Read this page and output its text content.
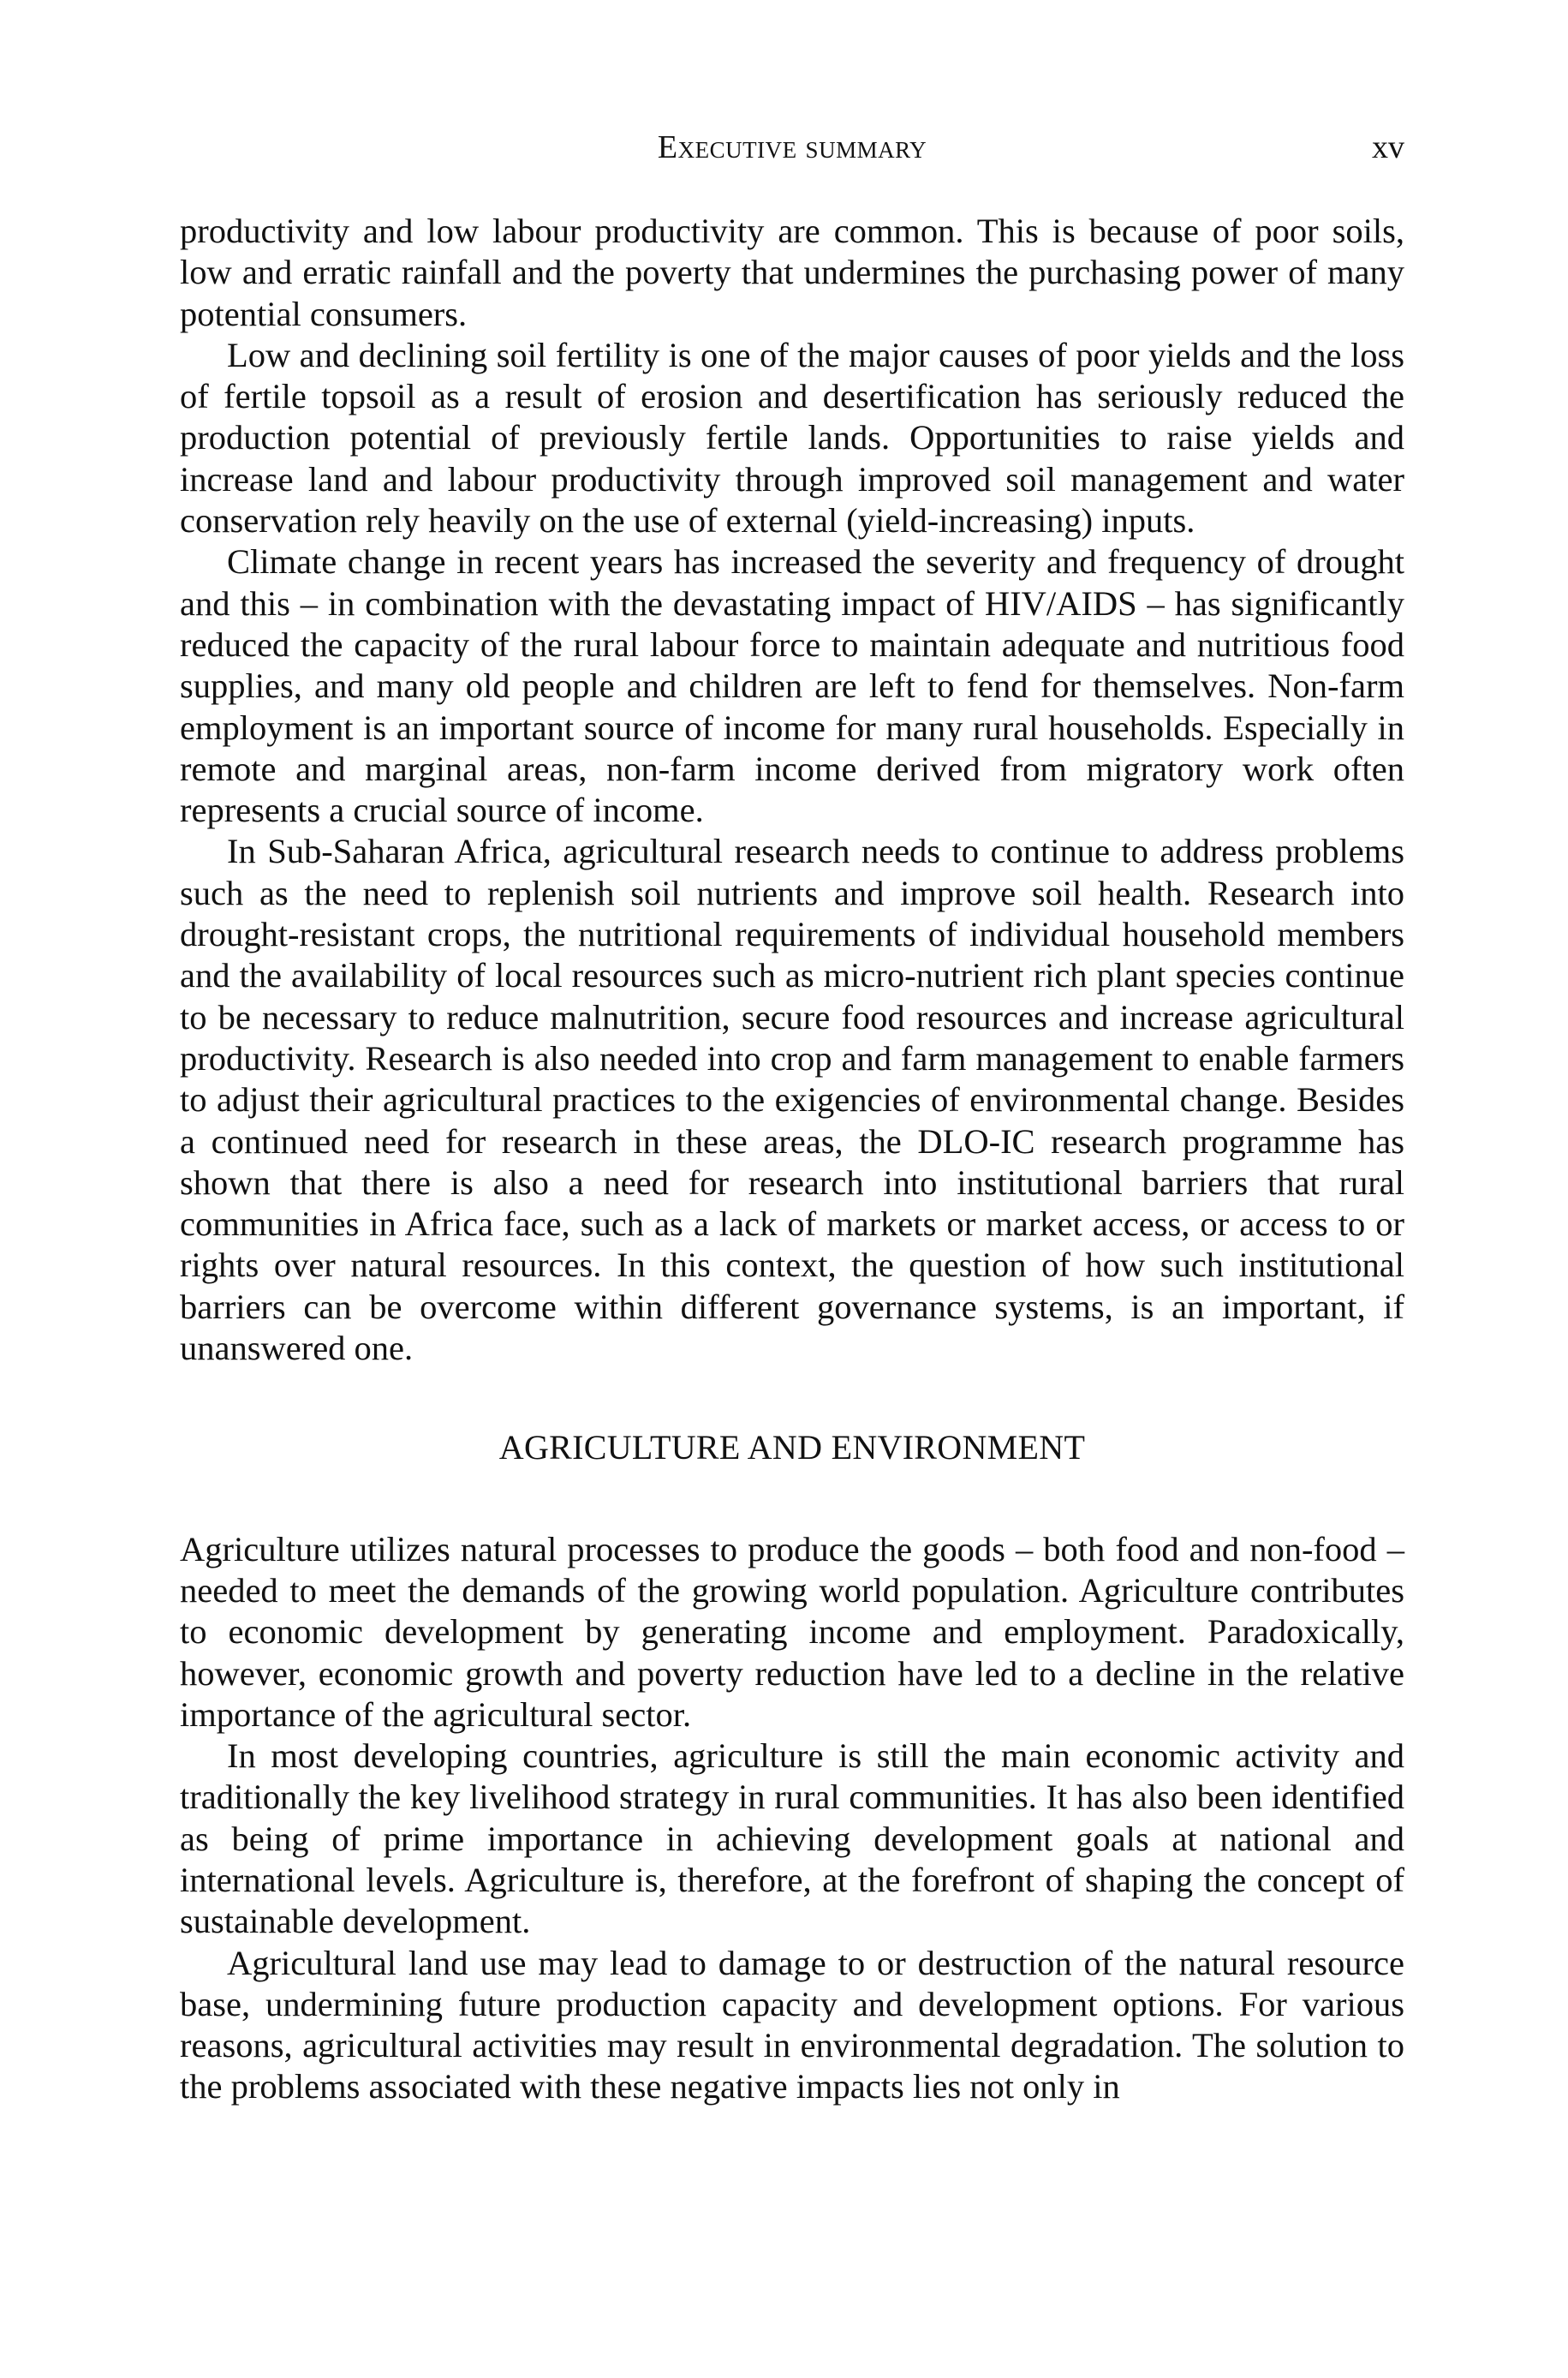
Executive summary	xv

productivity and low labour productivity are common. This is because of poor soils, low and erratic rainfall and the poverty that undermines the purchasing power of many potential consumers.

Low and declining soil fertility is one of the major causes of poor yields and the loss of fertile topsoil as a result of erosion and desertification has seriously reduced the production potential of previously fertile lands. Opportunities to raise yields and increase land and labour productivity through improved soil management and water conservation rely heavily on the use of external (yield-increasing) inputs.

Climate change in recent years has increased the severity and frequency of drought and this – in combination with the devastating impact of HIV/AIDS – has significantly reduced the capacity of the rural labour force to maintain adequate and nutritious food supplies, and many old people and children are left to fend for themselves. Non-farm employment is an important source of income for many rural households. Especially in remote and marginal areas, non-farm income derived from migratory work often represents a crucial source of income.

In Sub-Saharan Africa, agricultural research needs to continue to address problems such as the need to replenish soil nutrients and improve soil health. Research into drought-resistant crops, the nutritional requirements of individual household members and the availability of local resources such as micro-nutrient rich plant species continue to be necessary to reduce malnutrition, secure food resources and increase agricultural productivity. Research is also needed into crop and farm management to enable farmers to adjust their agricultural practices to the exigencies of environmental change. Besides a continued need for research in these areas, the DLO-IC research programme has shown that there is also a need for research into institutional barriers that rural communities in Africa face, such as a lack of markets or market access, or access to or rights over natural resources. In this context, the question of how such institutional barriers can be overcome within different governance systems, is an important, if unanswered one.

AGRICULTURE AND ENVIRONMENT

Agriculture utilizes natural processes to produce the goods – both food and non-food – needed to meet the demands of the growing world population. Agriculture contributes to economic development by generating income and employment. Paradoxically, however, economic growth and poverty reduction have led to a decline in the relative importance of the agricultural sector.

In most developing countries, agriculture is still the main economic activity and traditionally the key livelihood strategy in rural communities. It has also been identified as being of prime importance in achieving development goals at national and international levels. Agriculture is, therefore, at the forefront of shaping the concept of sustainable development.

Agricultural land use may lead to damage to or destruction of the natural resource base, undermining future production capacity and development options. For various reasons, agricultural activities may result in environmental degradation. The solution to the problems associated with these negative impacts lies not only in
